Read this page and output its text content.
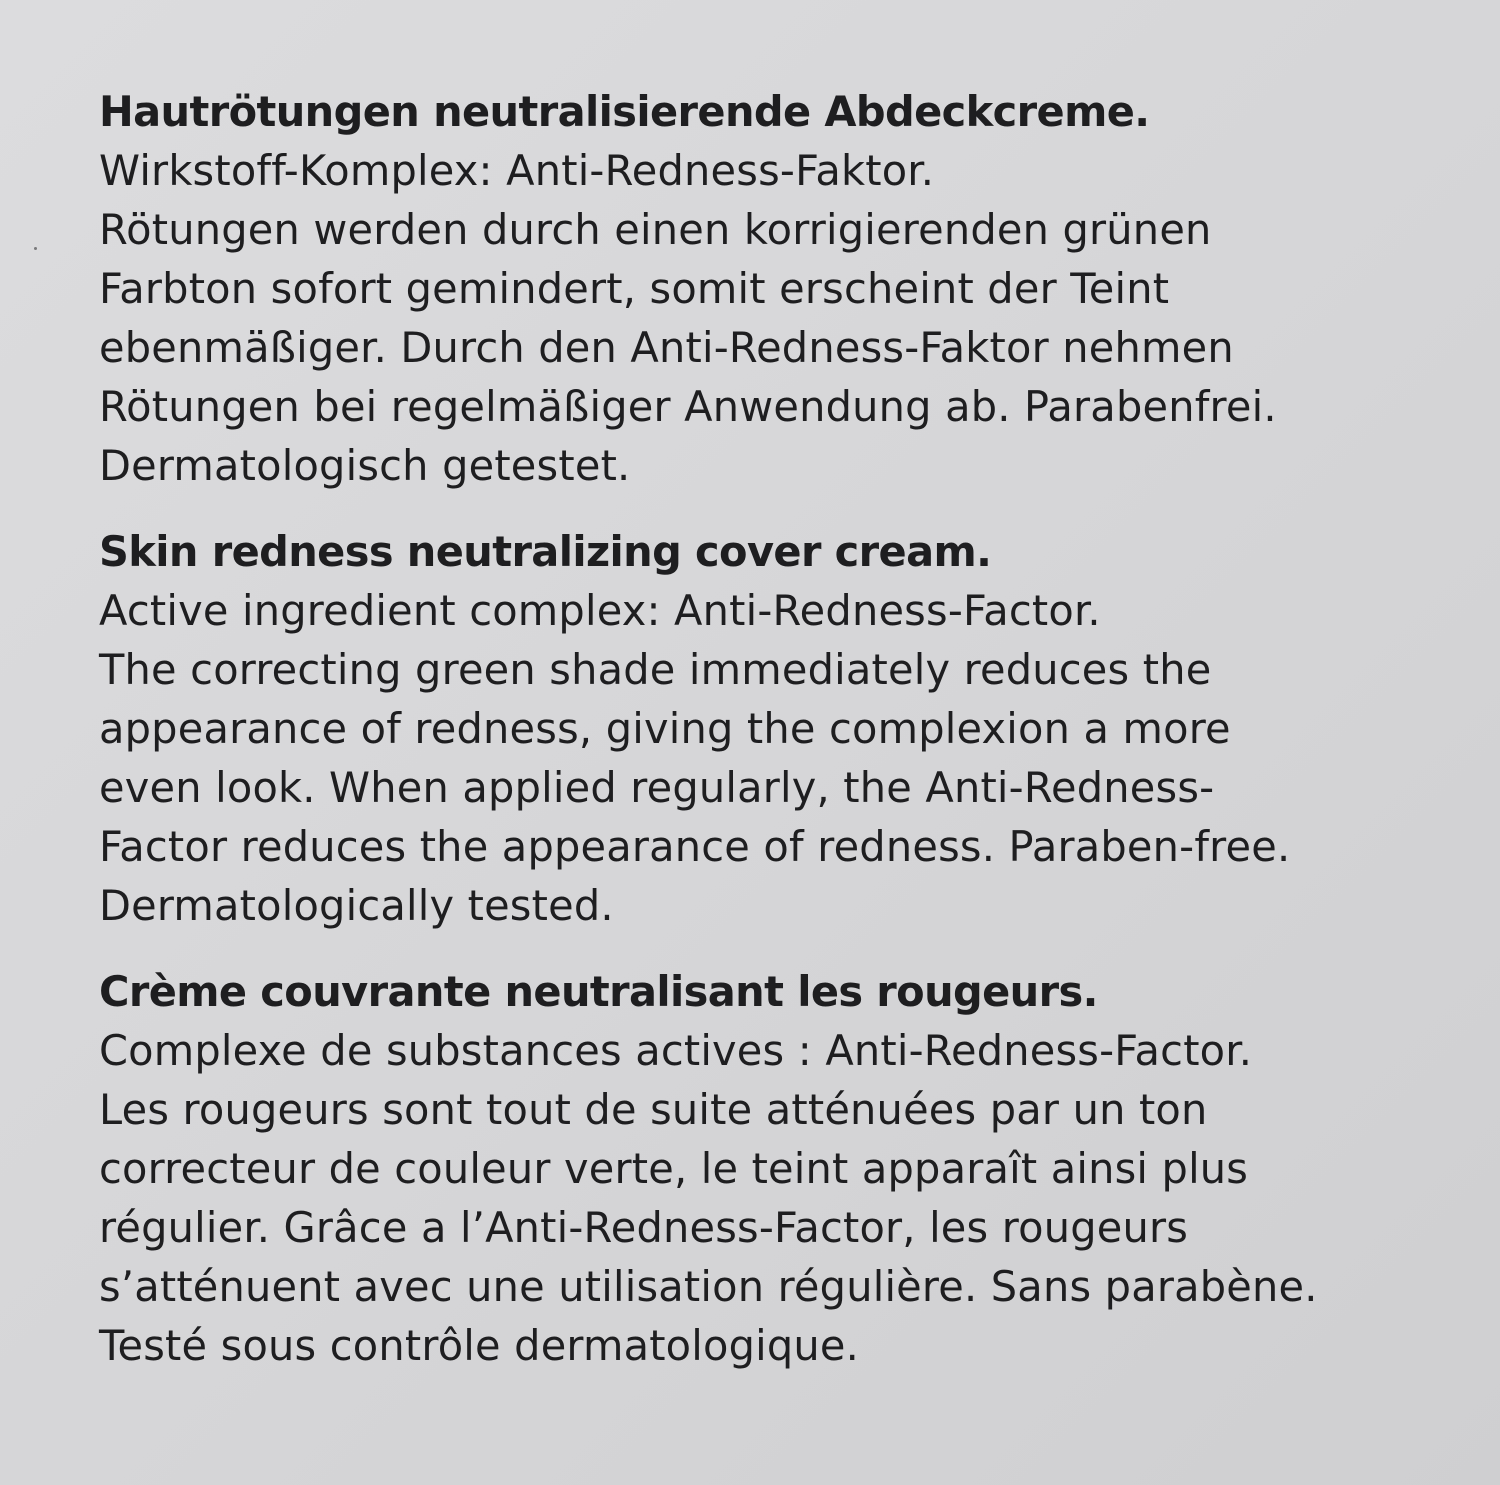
Hautrötungen neutralisierende Abdeckcreme.
Wirkstoff-Komplex: Anti-Redness-Faktor.
Rötungen werden durch einen korrigierenden grünen
Farbton sofort gemindert, somit erscheint der Teint
ebenmäßiger. Durch den Anti-Redness-Faktor nehmen
Rötungen bei regelmäßiger Anwendung ab. Parabenfrei.
Dermatologisch getestet.
Skin redness neutralizing cover cream.
Active ingredient complex: Anti-Redness-Factor.
The correcting green shade immediately reduces the
appearance of redness, giving the complexion a more
even look. When applied regularly, the Anti-Redness-
Factor reduces the appearance of redness. Paraben-free.
Dermatologically tested.
Crème couvrante neutralisant les rougeurs.
Complexe de substances actives : Anti-Redness-Factor.
Les rougeurs sont tout de suite atténuées par un ton
correcteur de couleur verte, le teint apparaît ainsi plus
régulier. Grâce a l’Anti-Redness-Factor, les rougeurs
s’atténuent avec une utilisation régulière. Sans parabène.
Testé sous contrôle dermatologique.
